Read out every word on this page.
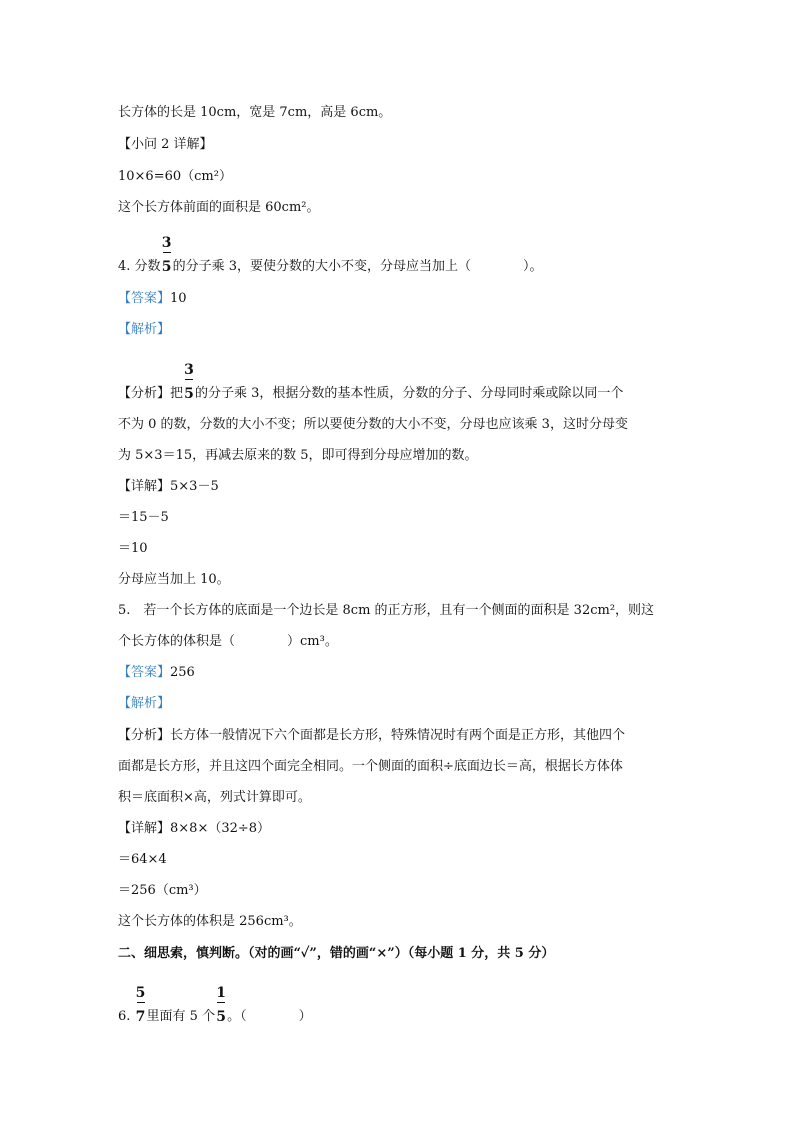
长方体的长是 10cm，宽是 7cm，高是 6cm。
【小问 2 详解】
10×6=60（cm²）
这个长方体前面的面积是 60cm²。
4. 分数 $\frac{3}{5}$ 的分子乘 3，要使分数的大小不变，分母应当加上（　　　　）。
【答案】10
【解析】
【分析】把 $\frac{3}{5}$ 的分子乘 3，根据分数的基本性质，分数的分子、分母同时乘或除以同一个
不为 0 的数，分数的大小不变；所以要使分数的大小不变，分母也应该乘 3，这时分母变
为 5×3＝15，再减去原来的数 5，即可得到分母应增加的数。
【详解】5×3－5
＝15－5
＝10
分母应当加上 10。
5.　若一个长方体的底面是一个边长是 8cm 的正方形，且有一个侧面的面积是 32cm²，则这
个长方体的体积是（　　　　）cm³。
【答案】256
【解析】
【分析】长方体一般情况下六个面都是长方形，特殊情况时有两个面是正方形，其他四个
面都是长方形，并且这四个面完全相同。一个侧面的面积÷底面边长＝高，根据长方体体
积＝底面积×高，列式计算即可。
【详解】8×8×（32÷8）
＝64×4
＝256（cm³）
这个长方体的体积是 256cm³。
二、细思索，慎判断。（对的画“✓”，错的画“×”）（每小题 1 分，共 5 分）
6. $\frac{5}{7}$ 里面有 5 个 $\frac{1}{5}$ 。（　　　　）
